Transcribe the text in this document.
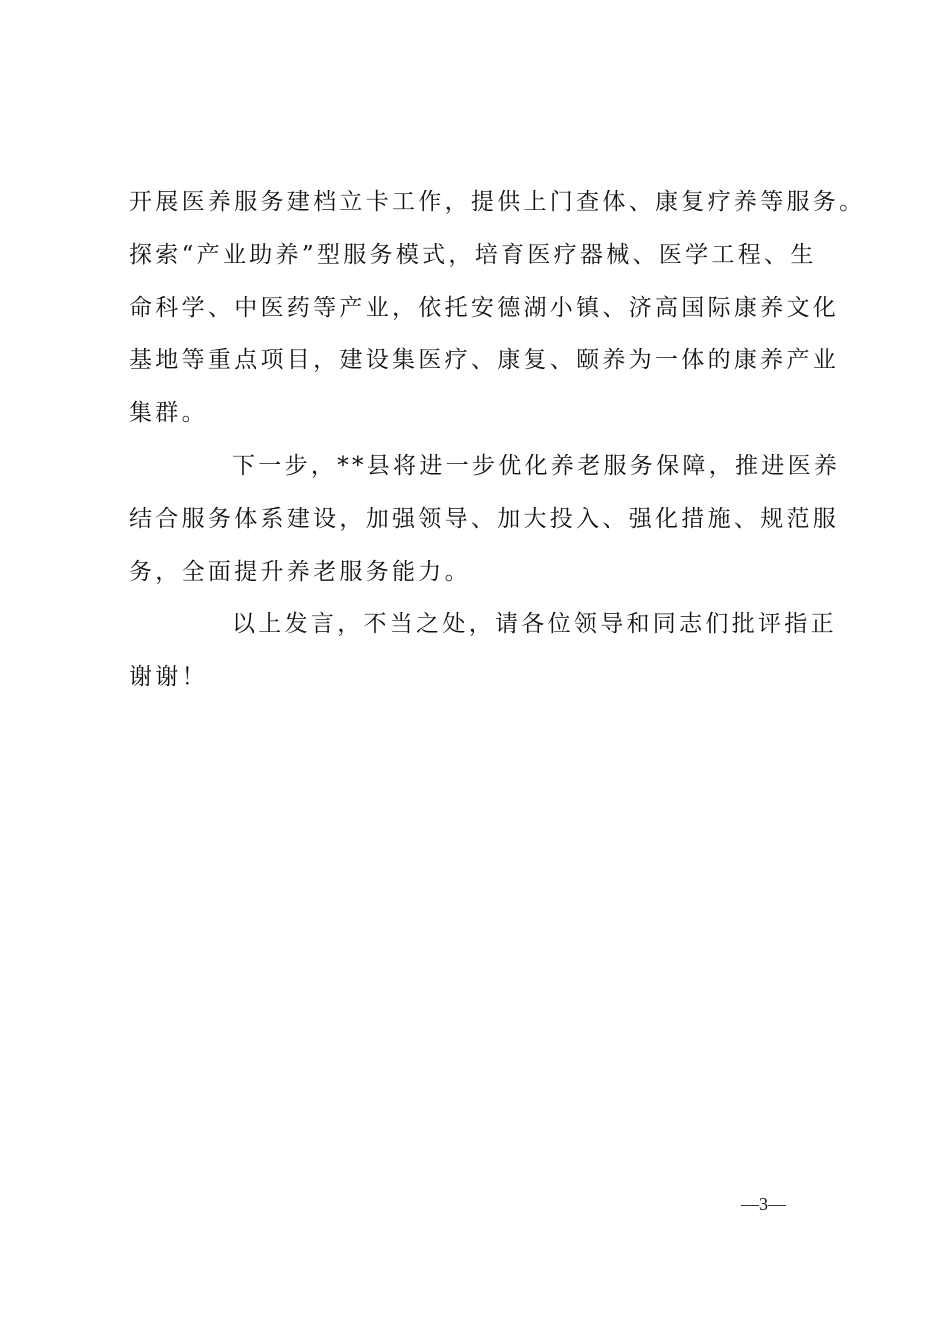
开展医养服务建档立卡工作，提供上门查体、康复疗养等服务。
探索“产业助养”型服务模式，培育医疗器械、医学工程、生
命科学、中医药等产业，依托安德湖小镇、济高国际康养文化
基地等重点项目，建设集医疗、康复、颐养为一体的康养产业
集群。
下一步，**县将进一步优化养老服务保障，推进医养
结合服务体系建设，加强领导、加大投入、强化措施、规范服
务，全面提升养老服务能力。
以上发言，不当之处，请各位领导和同志们批评指正
谢谢！
—3—
